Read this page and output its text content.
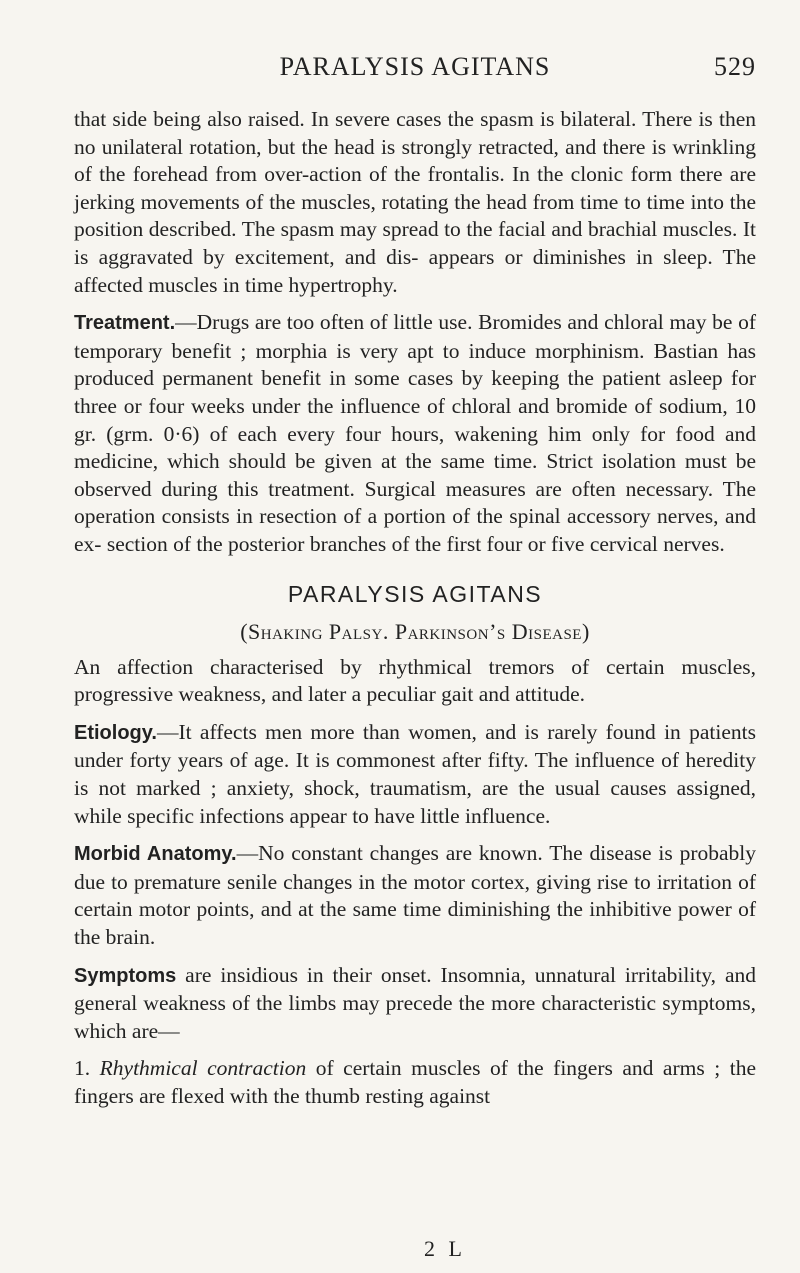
PARALYSIS AGITANS	529

that side being also raised. In severe cases the spasm is bilateral. There is then no unilateral rotation, but the head is strongly retracted, and there is wrinkling of the forehead from over-action of the frontalis. In the clonic form there are jerking movements of the muscles, rotating the head from time to time into the position described. The spasm may spread to the facial and brachial muscles. It is aggravated by excitement, and dis- appears or diminishes in sleep. The affected muscles in time hypertrophy.

Treatment.—Drugs are too often of little use. Bromides and chloral may be of temporary benefit ; morphia is very apt to induce morphinism. Bastian has produced permanent benefit in some cases by keeping the patient asleep for three or four weeks under the influence of chloral and bromide of sodium, 10 gr. (grm. 0·6) of each every four hours, wakening him only for food and medicine, which should be given at the same time. Strict isolation must be observed during this treatment. Surgical measures are often necessary. The operation consists in resection of a portion of the spinal accessory nerves, and ex- section of the posterior branches of the first four or five cervical nerves.

PARALYSIS AGITANS
(Shaking Palsy. Parkinson’s Disease)

An affection characterised by rhythmical tremors of certain muscles, progressive weakness, and later a peculiar gait and attitude.

Etiology.—It affects men more than women, and is rarely found in patients under forty years of age. It is commonest after fifty. The influence of heredity is not marked ; anxiety, shock, traumatism, are the usual causes assigned, while specific infections appear to have little influence.

Morbid Anatomy.—No constant changes are known. The disease is probably due to premature senile changes in the motor cortex, giving rise to irritation of certain motor points, and at the same time diminishing the inhibitive power of the brain.

Symptoms are insidious in their onset. Insomnia, unnatural irritability, and general weakness of the limbs may precede the more characteristic symptoms, which are—

1. Rhythmical contraction of certain muscles of the fingers and arms ; the fingers are flexed with the thumb resting against

2 L
